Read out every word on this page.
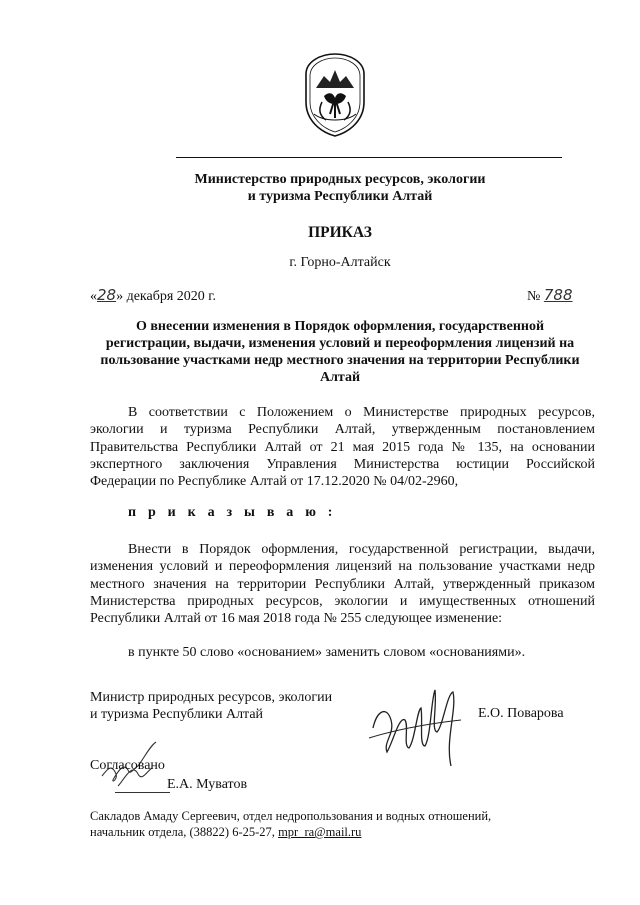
Министерство природных ресурсов, экологии
и туризма Республики Алтай
ПРИКАЗ
г. Горно-Алтайск
«28» декабря 2020 г.	№ 788
О внесении изменения в Порядок оформления, государственной регистрации, выдачи, изменения условий и переоформления лицензий на пользование участками недр местного значения на территории Республики Алтай
В соответствии с Положением о Министерстве природных ресурсов, экологии и туризма Республики Алтай, утвержденным постановлением Правительства Республики Алтай от 21 мая 2015 года № 135, на основании экспертного заключения Управления Министерства юстиции Российской Федерации по Республике Алтай от 17.12.2020 № 04/02-2960,
п р и к а з ы в а ю :
Внести в Порядок оформления, государственной регистрации, выдачи, изменения условий и переоформления лицензий на пользование участками недр местного значения на территории Республики Алтай, утвержденный приказом Министерства природных ресурсов, экологии и имущественных отношений Республики Алтай от 16 мая 2018 года № 255 следующее изменение:
в пункте 50 слово «основанием» заменить словом «основаниями».
Министр природных ресурсов, экологии
и туризма Республики Алтай	Е.О. Поварова
Согласовано
Е.А. Муватов
Сакладов Амаду Сергеевич, отдел недропользования и водных отношений,
начальник отдела, (38822) 6-25-27, mpr_ra@mail.ru
